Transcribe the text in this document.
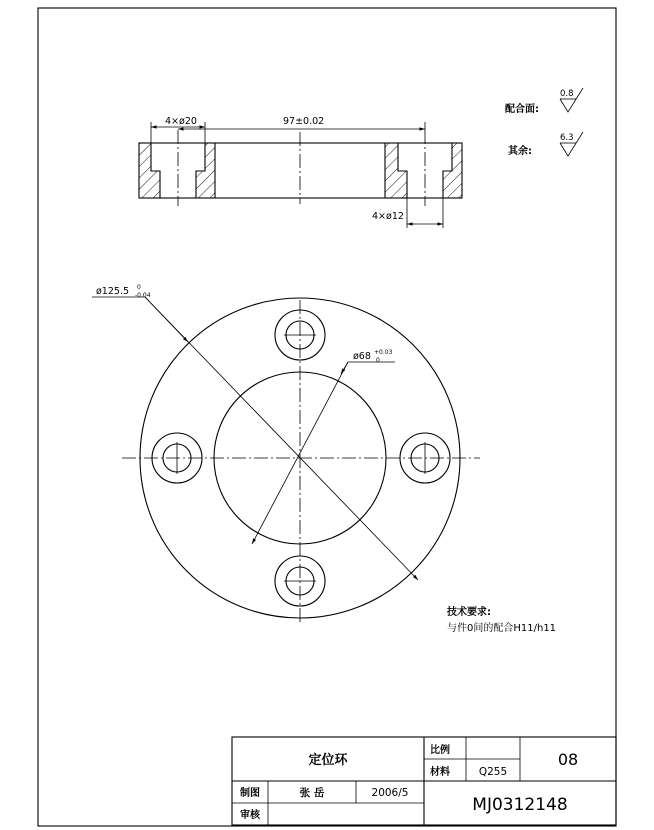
4×ø20	97±0.02
4×ø12
ø125.5 0
-0.04
ø68 +0.03
0
配合面:
0.8
其余:
6.3
技术要求:
与件0间的配合H11/h11
定位环
比例
材料	Q255
08
制图	张 岳	2006/5
审核
MJ0312148
